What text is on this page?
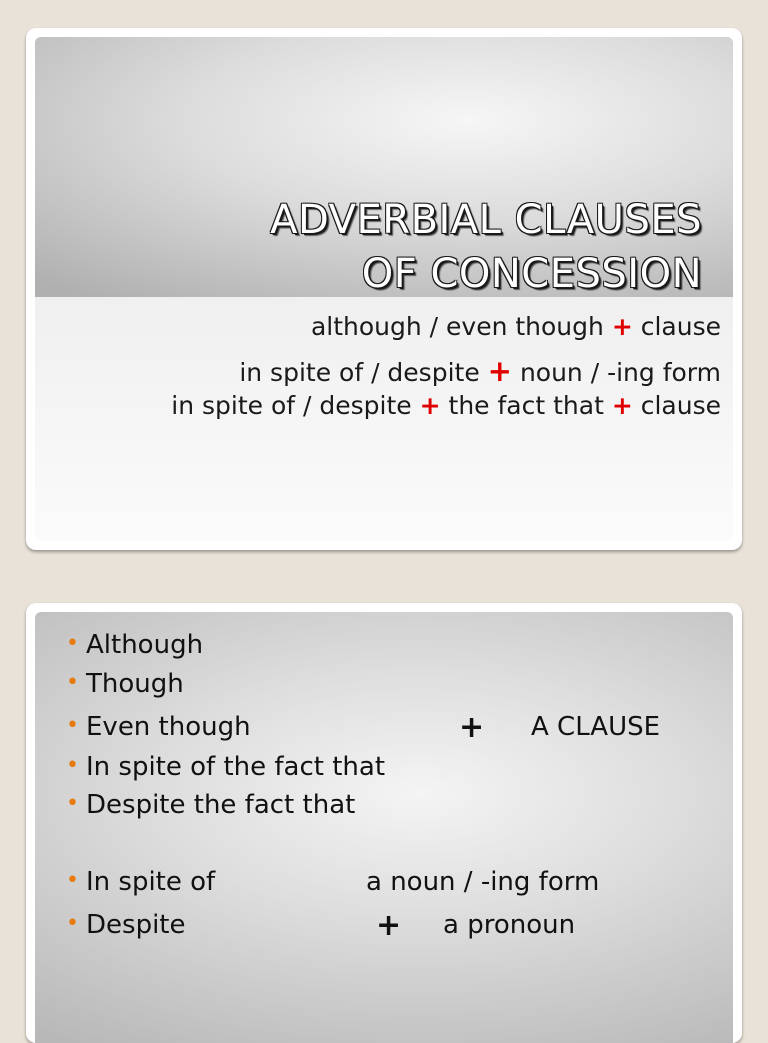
ADVERBIAL CLAUSES
OF CONCESSION
although / even though + clause
in spite of / despite + noun / -ing form
in spite of / despite + the fact that + clause
• Although
• Though
• Even though
• In spite of the fact that
• Despite the fact that
• In spite of
• Despite
+ A CLAUSE
a noun / -ing form
+ a pronoun
